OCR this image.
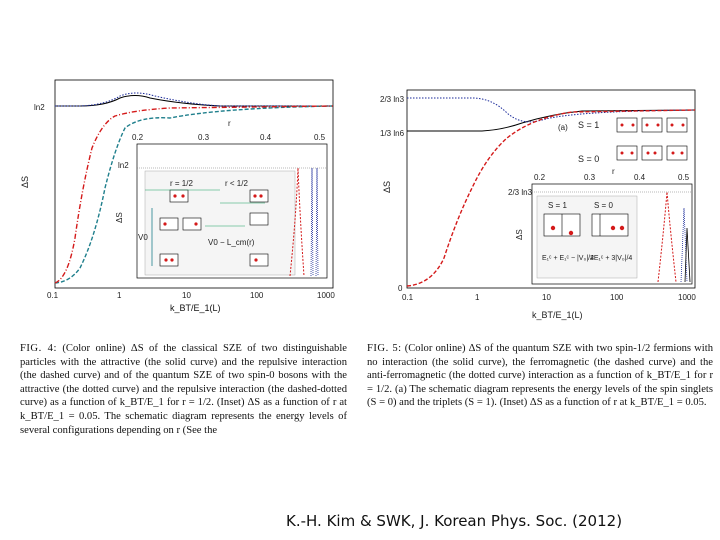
ΔS
ln2
0.1	1	10	100	1000
r
0.2	0.3	0.4	0.5
ln2
ΔS
r = 1/2	r < 1/2
V0
V0 − L_cm(r)
ΔS
2/3 ln3
1/3 ln6
0
0.1	1	10	100	1000
k_BT/E_1(L)
(a) S = 1
S = 0
0.2	0.3	0.4	0.5
r
2/3 ln3
ΔS
S = 1	S = 0
E₁ᶜ + E₁ᶜ − |V₀|/4
2E₁ᶜ + 3|V₀|/4
k_BT/E_1(L)
FIG. 4: (Color online) ΔS of the classical SZE of two distinguishable particles with the attractive (the solid curve) and the repulsive interaction (the dashed curve) and of the quantum SZE of two spin-0 bosons with the attractive (the dotted curve) and the repulsive interaction (the dashed-dotted curve) as a function of k_BT/E_1 for r = 1/2. (Inset) ΔS as a function of r at k_BT/E_1 = 0.05. The schematic diagram represents the energy levels of several configurations depending on r (See the
FIG. 5: (Color online) ΔS of the quantum SZE with two spin-1/2 fermions with no interaction (the solid curve), the ferromagnetic (the dashed curve) and the anti-ferromagnetic (the dotted curve) interaction as a function of k_BT/E_1 for r = 1/2. (a) The schematic diagram represents the energy levels of the spin singlets (S = 0) and the triplets (S = 1). (Inset) ΔS as a function of r at k_BT/E_1 = 0.05.
K.-H. Kim & SWK, J. Korean Phys. Soc. (2012)
